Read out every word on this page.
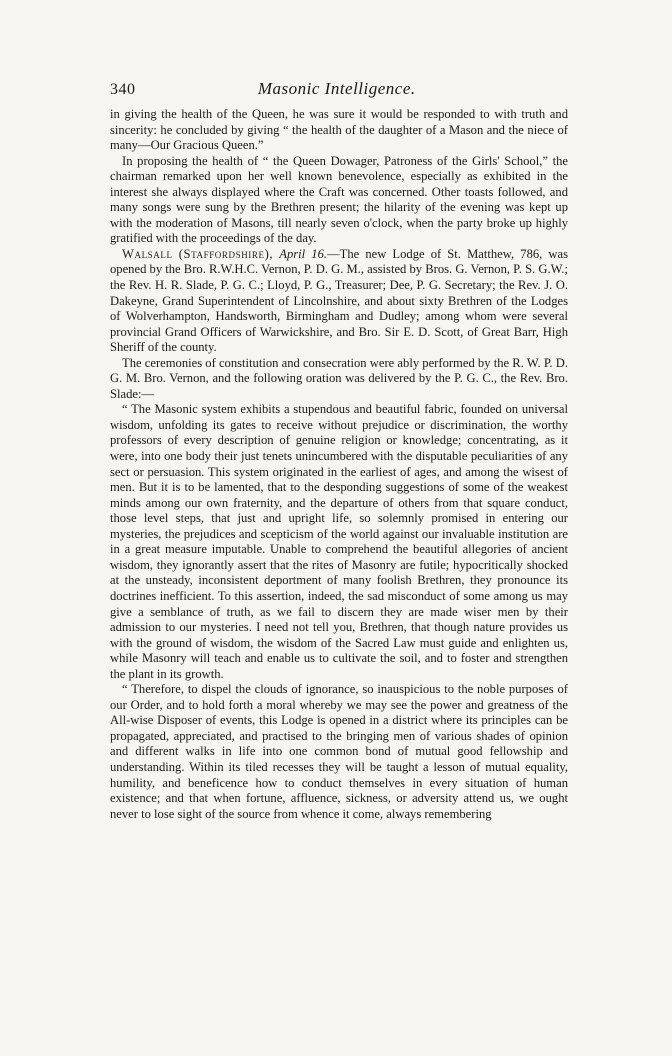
340	Masonic Intelligence.

in giving the health of the Queen, he was sure it would be responded to with truth and sincerity: he concluded by giving “ the health of the daughter of a Mason and the niece of many—Our Gracious Queen.”

In proposing the health of “ the Queen Dowager, Patroness of the Girls' School,” the chairman remarked upon her well known benevolence, especially as exhibited in the interest she always displayed where the Craft was concerned. Other toasts followed, and many songs were sung by the Brethren present; the hilarity of the evening was kept up with the moderation of Masons, till nearly seven o'clock, when the party broke up highly gratified with the proceedings of the day.

Walsall (Staffordshire), April 16.—The new Lodge of St. Matthew, 786, was opened by the Bro. R.W.H.C. Vernon, P. D. G. M., assisted by Bros. G. Vernon, P. S. G.W.; the Rev. H. R. Slade, P. G. C.; Lloyd, P. G., Treasurer; Dee, P. G. Secretary; the Rev. J. O. Dakeyne, Grand Superintendent of Lincolnshire, and about sixty Brethren of the Lodges of Wolverhampton, Handsworth, Birmingham and Dudley; among whom were several provincial Grand Officers of Warwickshire, and Bro. Sir E. D. Scott, of Great Barr, High Sheriff of the county.

The ceremonies of constitution and consecration were ably performed by the R. W. P. D. G. M. Bro. Vernon, and the following oration was delivered by the P. G. C., the Rev. Bro. Slade:—

“ The Masonic system exhibits a stupendous and beautiful fabric, founded on universal wisdom, unfolding its gates to receive without prejudice or discrimination, the worthy professors of every description of genuine religion or knowledge; concentrating, as it were, into one body their just tenets unincumbered with the disputable peculiarities of any sect or persuasion. This system originated in the earliest of ages, and among the wisest of men. But it is to be lamented, that to the desponding suggestions of some of the weakest minds among our own fraternity, and the departure of others from that square conduct, those level steps, that just and upright life, so solemnly promised in entering our mysteries, the prejudices and scepticism of the world against our invaluable institution are in a great measure imputable. Unable to comprehend the beautiful allegories of ancient wisdom, they ignorantly assert that the rites of Masonry are futile; hypocritically shocked at the unsteady, inconsistent deportment of many foolish Brethren, they pronounce its doctrines inefficient. To this assertion, indeed, the sad misconduct of some among us may give a semblance of truth, as we fail to discern they are made wiser men by their admission to our mysteries. I need not tell you, Brethren, that though nature provides us with the ground of wisdom, the wisdom of the Sacred Law must guide and enlighten us, while Masonry will teach and enable us to cultivate the soil, and to foster and strengthen the plant in its growth.

“ Therefore, to dispel the clouds of ignorance, so inauspicious to the noble purposes of our Order, and to hold forth a moral whereby we may see the power and greatness of the All-wise Disposer of events, this Lodge is opened in a district where its principles can be propagated, appreciated, and practised to the bringing men of various shades of opinion and different walks in life into one common bond of mutual good fellowship and understanding. Within its tiled recesses they will be taught a lesson of mutual equality, humility, and beneficence how to conduct themselves in every situation of human existence; and that when fortune, affluence, sickness, or adversity attend us, we ought never to lose sight of the source from whence it come, always remembering
